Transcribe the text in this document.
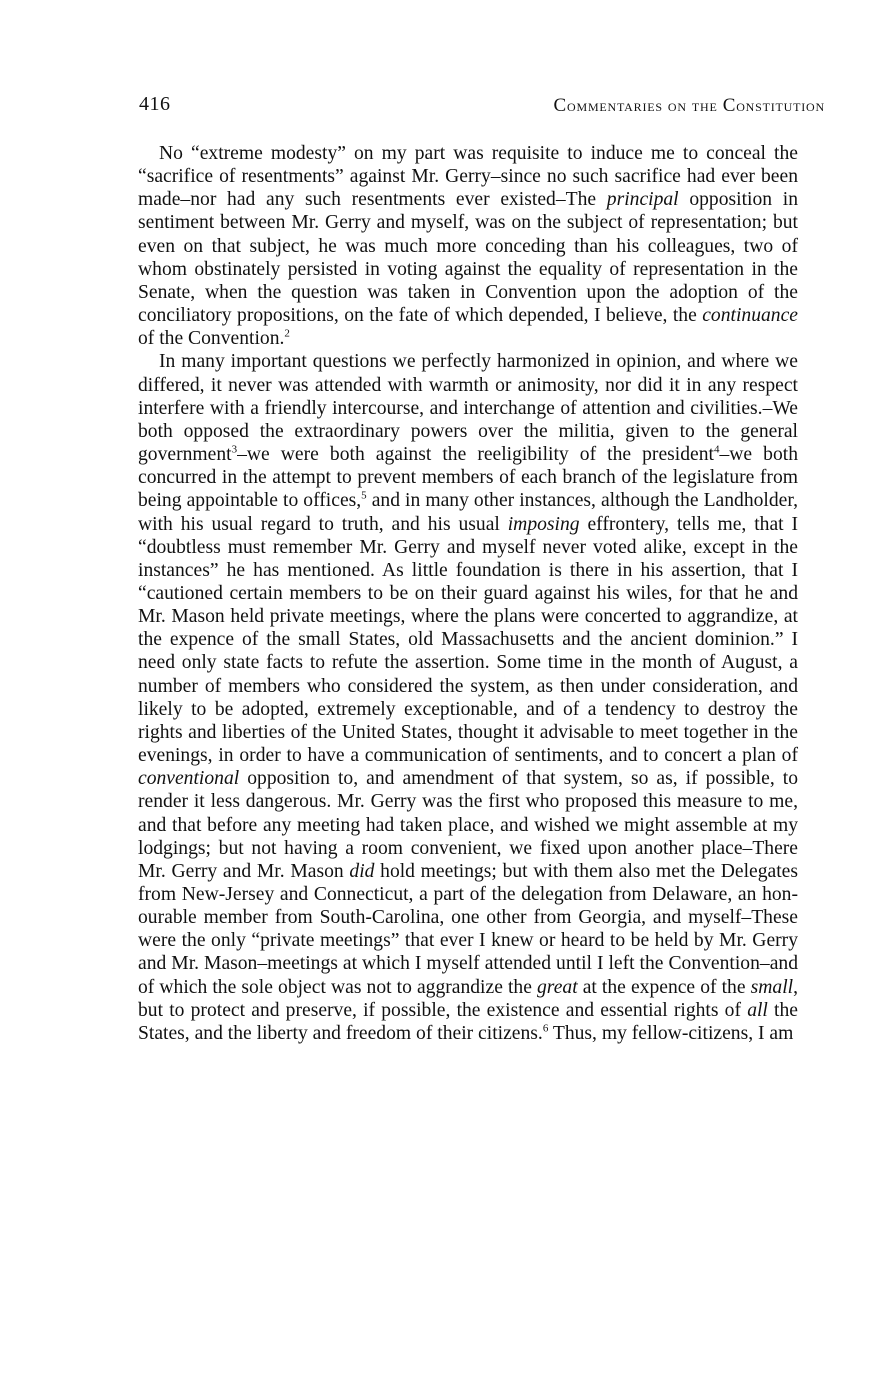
416	Commentaries on the Constitution

No “extreme modesty” on my part was requisite to induce me to conceal the “sacrifice of resentments” against Mr. Gerry–since no such sacrifice had ever been made–nor had any such resentments ever existed–The principal opposition in sentiment between Mr. Gerry and myself, was on the subject of representation; but even on that subject, he was much more conceding than his colleagues, two of whom obstinately persisted in voting against the equality of representation in the Senate, when the question was taken in Convention upon the adoption of the conciliatory propositions, on the fate of which depended, I believe, the continuance of the Convention.$^2$

In many important questions we perfectly harmonized in opinion, and where we differed, it never was attended with warmth or animosity, nor did it in any respect interfere with a friendly intercourse, and interchange of attention and civilities.–We both opposed the extraordinary powers over the militia, given to the general government$^3$–we were both against the reeligibility of the president$^4$–we both concurred in the attempt to prevent members of each branch of the legislature from being appointable to offices,$^5$ and in many other instances, although the Landholder, with his usual regard to truth, and his usual imposing effrontery, tells me, that I “doubtless must remember Mr. Gerry and myself never voted alike, except in the instances” he has mentioned. As little foundation is there in his assertion, that I “cautioned certain members to be on their guard against his wiles, for that he and Mr. Mason held private meetings, where the plans were concerted to aggrandize, at the expence of the small States, old Massachusetts and the ancient dominion.” I need only state facts to refute the assertion. Some time in the month of August, a number of members who considered the system, as then under consideration, and likely to be adopted, extremely exceptionable, and of a tendency to destroy the rights and liberties of the United States, thought it advisable to meet together in the evenings, in order to have a communication of sentiments, and to concert a plan of conventional opposition to, and amendment of that system, so as, if possible, to render it less dangerous. Mr. Gerry was the first who proposed this measure to me, and that before any meeting had taken place, and wished we might assemble at my lodgings; but not having a room convenient, we fixed upon another place–There Mr. Gerry and Mr. Mason did hold meetings; but with them also met the Delegates from New-Jersey and Connecticut, a part of the delegation from Delaware, an honourable member from South-Carolina, one other from Georgia, and myself–These were the only “private meetings” that ever I knew or heard to be held by Mr. Gerry and Mr. Mason–meetings at which I myself attended until I left the Convention–and of which the sole object was not to aggrandize the great at the expence of the small, but to protect and preserve, if possible, the existence and essential rights of all the States, and the liberty and freedom of their citizens.$^6$ Thus, my fellow-citizens, I am
